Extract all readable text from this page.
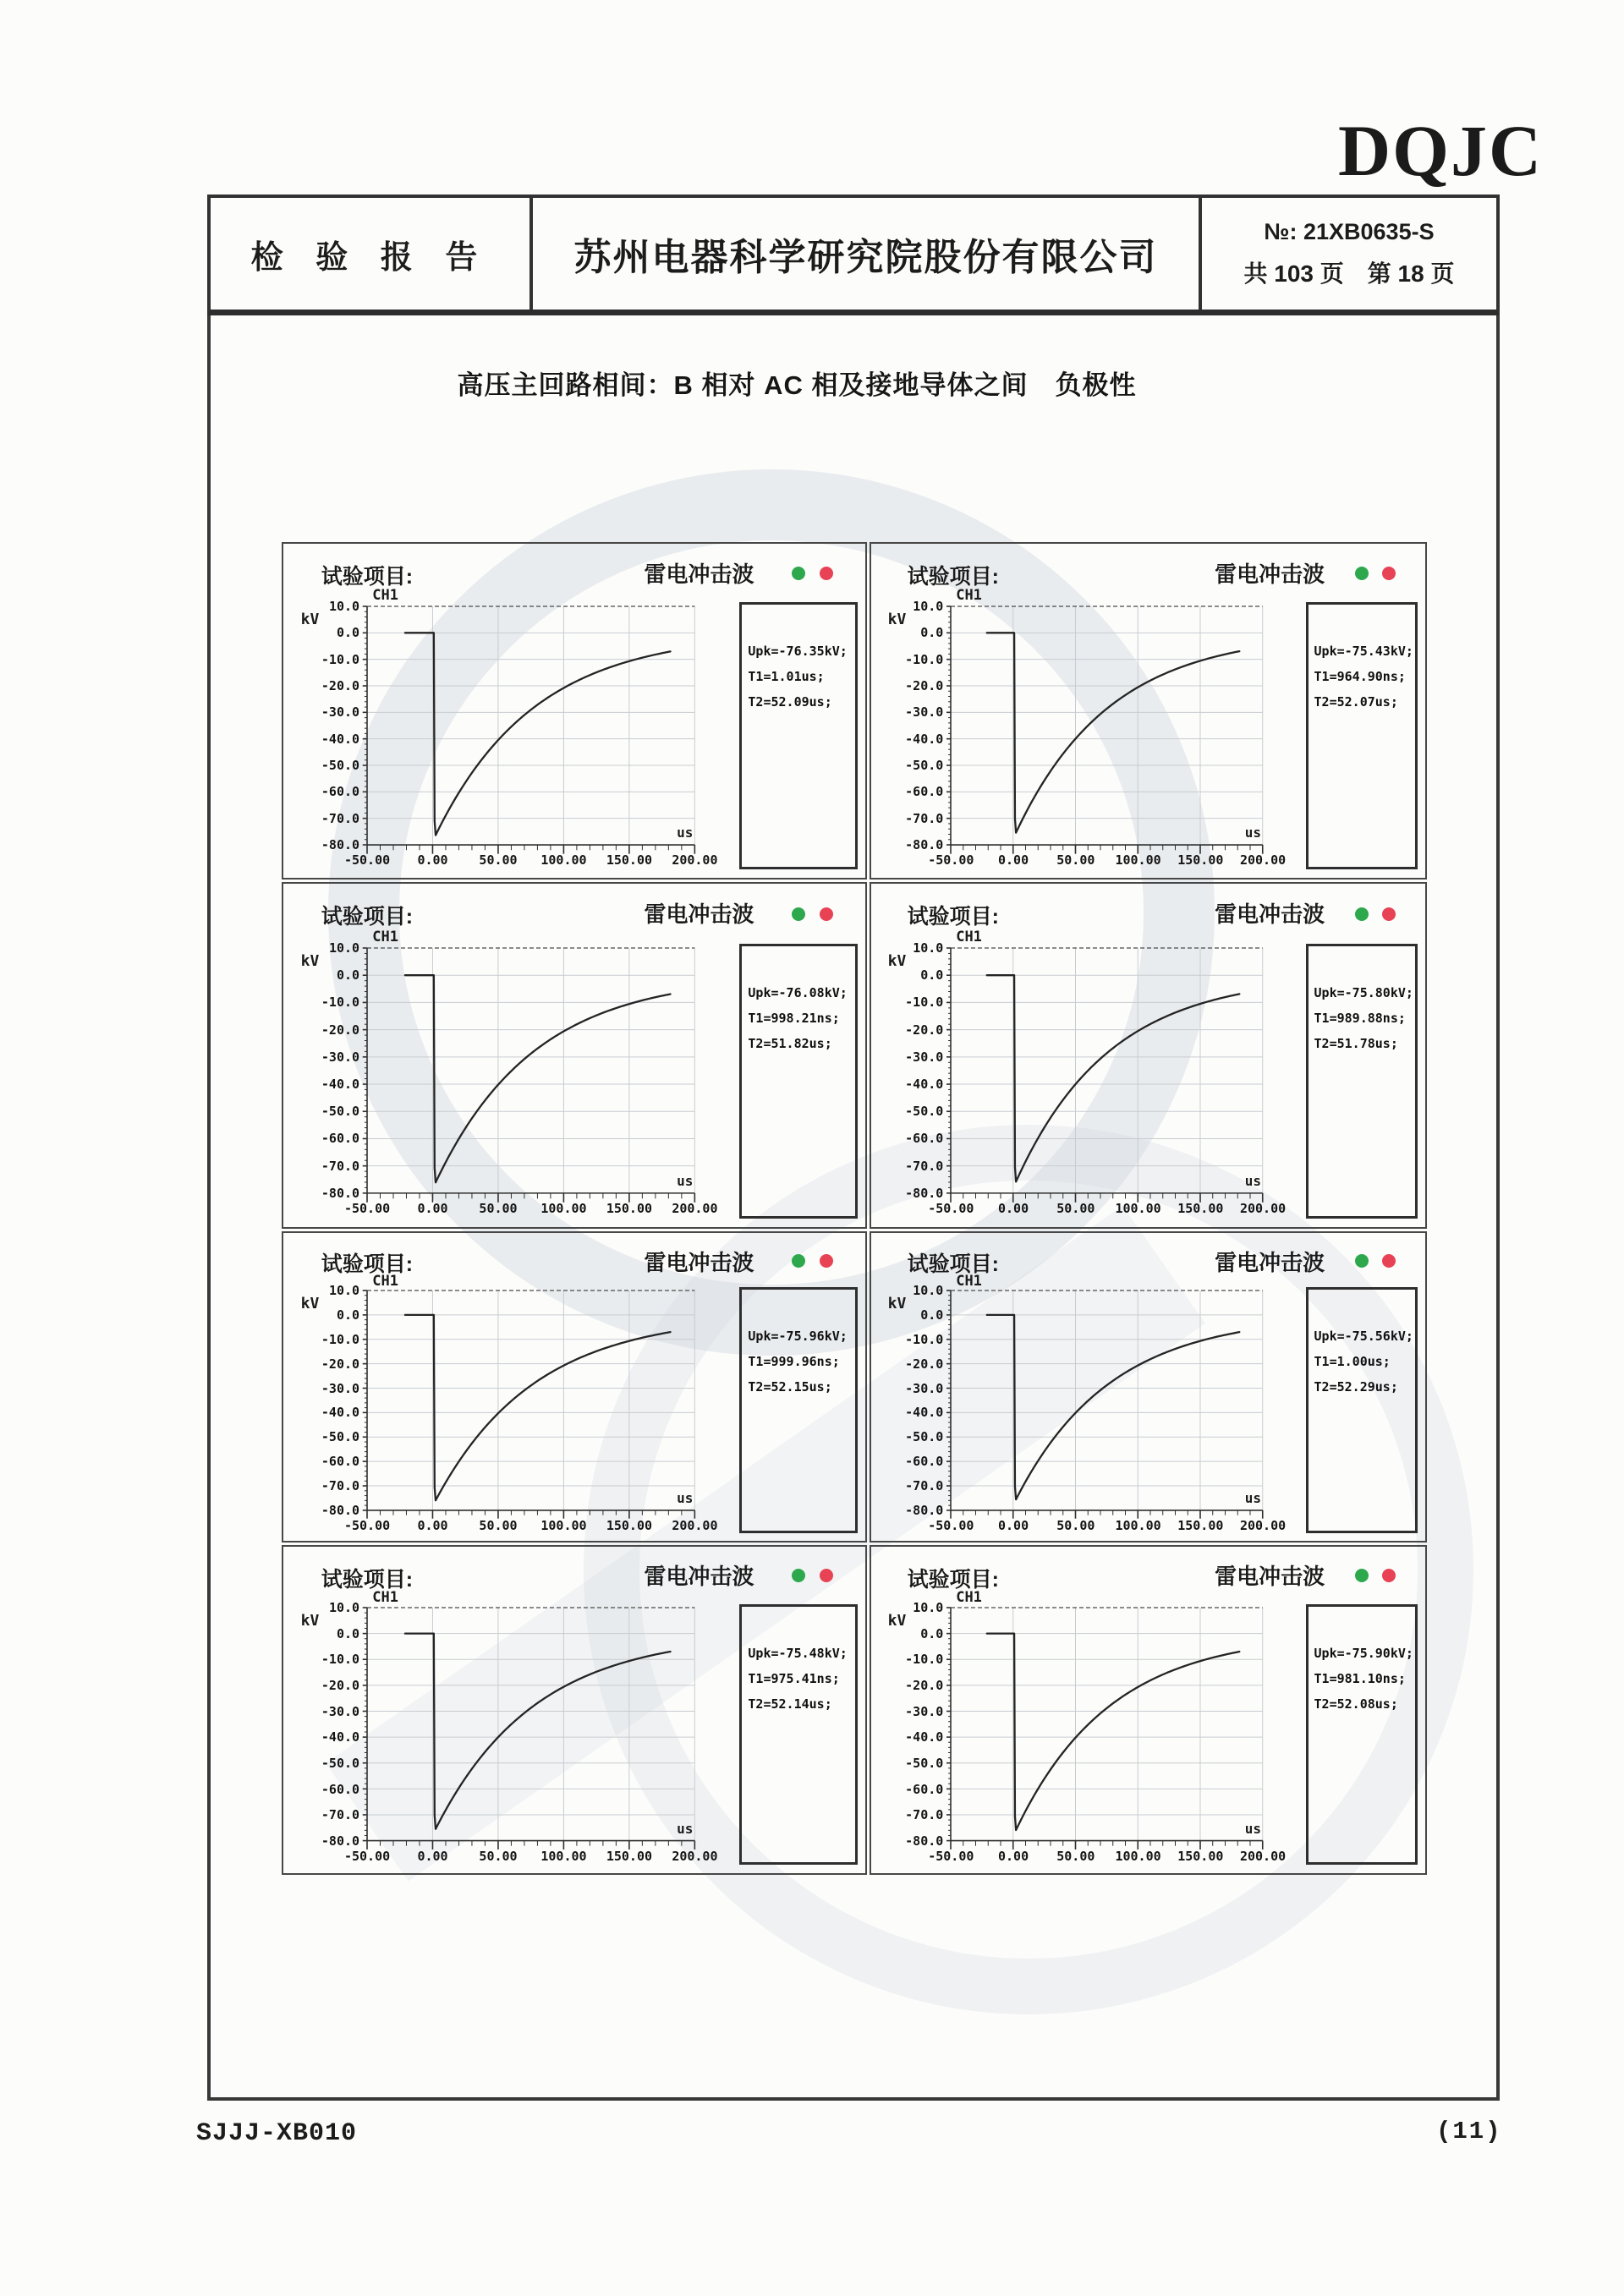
DQJC
检 验 报 告 苏州电器科学研究院股份有限公司
№: 21XB0635-S
共 103 页　第 18 页
高压主回路相间：B 相对 AC 相及接地导体之间　负极性
试验项目:	雷电冲击波
CH1
kV
10.0
0.0
-10.0
-20.0
-30.0
-40.0
-50.0
-60.0
-70.0
-80.0
-50.00 0.00 50.00 100.00 150.00 200.00
us
Upk=-76.35kV;
T1=1.01us;
T2=52.09us;
试验项目:	雷电冲击波
CH1
kV
10.0
0.0
-10.0
-20.0
-30.0
-40.0
-50.0
-60.0
-70.0
-80.0
-50.00 0.00 50.00 100.00 150.00 200.00
us
Upk=-75.43kV;
T1=964.90ns;
T2=52.07us;
试验项目:	雷电冲击波
CH1
kV
10.0
0.0
-10.0
-20.0
-30.0
-40.0
-50.0
-60.0
-70.0
-80.0
-50.00 0.00 50.00 100.00 150.00 200.00
us
Upk=-76.08kV;
T1=998.21ns;
T2=51.82us;
试验项目:	雷电冲击波
CH1
kV
10.0
0.0
-10.0
-20.0
-30.0
-40.0
-50.0
-60.0
-70.0
-80.0
-50.00 0.00 50.00 100.00 150.00 200.00
us
Upk=-75.80kV;
T1=989.88ns;
T2=51.78us;
试验项目:	雷电冲击波
CH1
kV
10.0
0.0
-10.0
-20.0
-30.0
-40.0
-50.0
-60.0
-70.0
-80.0
-50.00 0.00 50.00 100.00 150.00 200.00
us
Upk=-75.96kV;
T1=999.96ns;
T2=52.15us;
试验项目:	雷电冲击波
CH1
kV
10.0
0.0
-10.0
-20.0
-30.0
-40.0
-50.0
-60.0
-70.0
-80.0
-50.00 0.00 50.00 100.00 150.00 200.00
us
Upk=-75.56kV;
T1=1.00us;
T2=52.29us;
试验项目:	雷电冲击波
CH1
kV
10.0
0.0
-10.0
-20.0
-30.0
-40.0
-50.0
-60.0
-70.0
-80.0
-50.00 0.00 50.00 100.00 150.00 200.00
us
Upk=-75.48kV;
T1=975.41ns;
T2=52.14us;
试验项目:	雷电冲击波
CH1
kV
10.0
0.0
-10.0
-20.0
-30.0
-40.0
-50.0
-60.0
-70.0
-80.0
-50.00 0.00 50.00 100.00 150.00 200.00
us
Upk=-75.90kV;
T1=981.10ns;
T2=52.08us;
SJJJ-XB010	(11)
